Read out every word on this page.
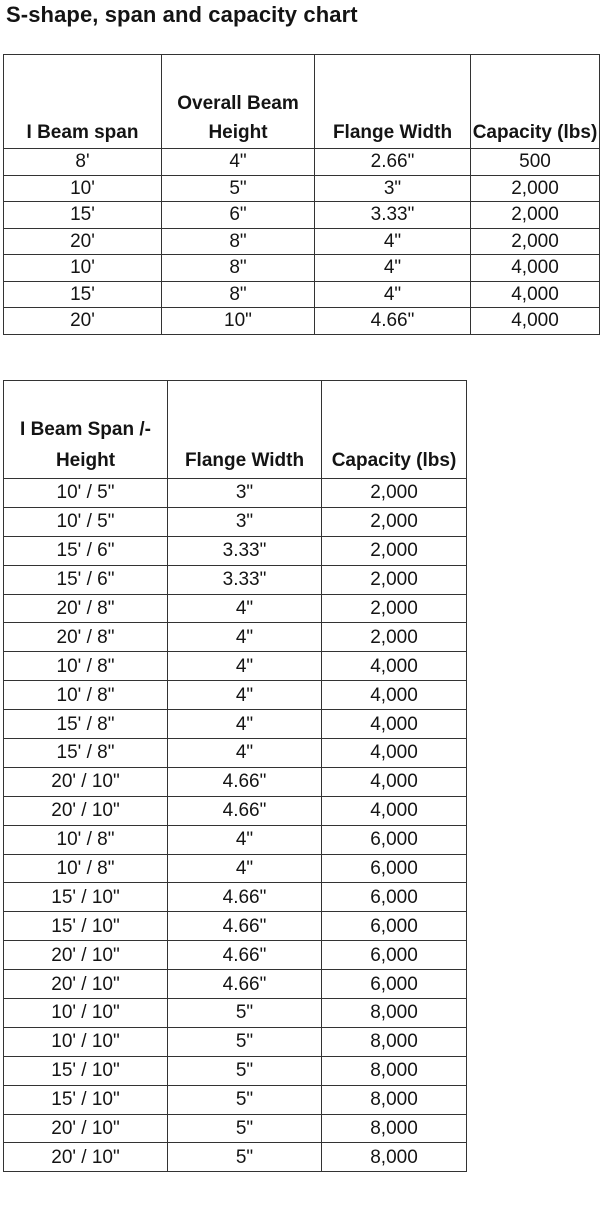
S-shape, span and capacity chart
I Beam span	Overall Beam Height	Flange Width	Capacity (lbs)
8'	4"	2.66"	500
10'	5"	3"	2,000
15'	6"	3.33"	2,000
20'	8"	4"	2,000
10'	8"	4"	4,000
15'	8"	4"	4,000
20'	10"	4.66"	4,000
I Beam Span /-Height	Flange Width	Capacity (lbs)
10' / 5"	3"	2,000
10' / 5"	3"	2,000
15' / 6"	3.33"	2,000
15' / 6"	3.33"	2,000
20' / 8"	4"	2,000
20' / 8"	4"	2,000
10' / 8"	4"	4,000
10' / 8"	4"	4,000
15' / 8"	4"	4,000
15' / 8"	4"	4,000
20' / 10"	4.66"	4,000
20' / 10"	4.66"	4,000
10' / 8"	4"	6,000
10' / 8"	4"	6,000
15' / 10"	4.66"	6,000
15' / 10"	4.66"	6,000
20' / 10"	4.66"	6,000
20' / 10"	4.66"	6,000
10' / 10"	5"	8,000
10' / 10"	5"	8,000
15' / 10"	5"	8,000
15' / 10"	5"	8,000
20' / 10"	5"	8,000
20' / 10"	5"	8,000
